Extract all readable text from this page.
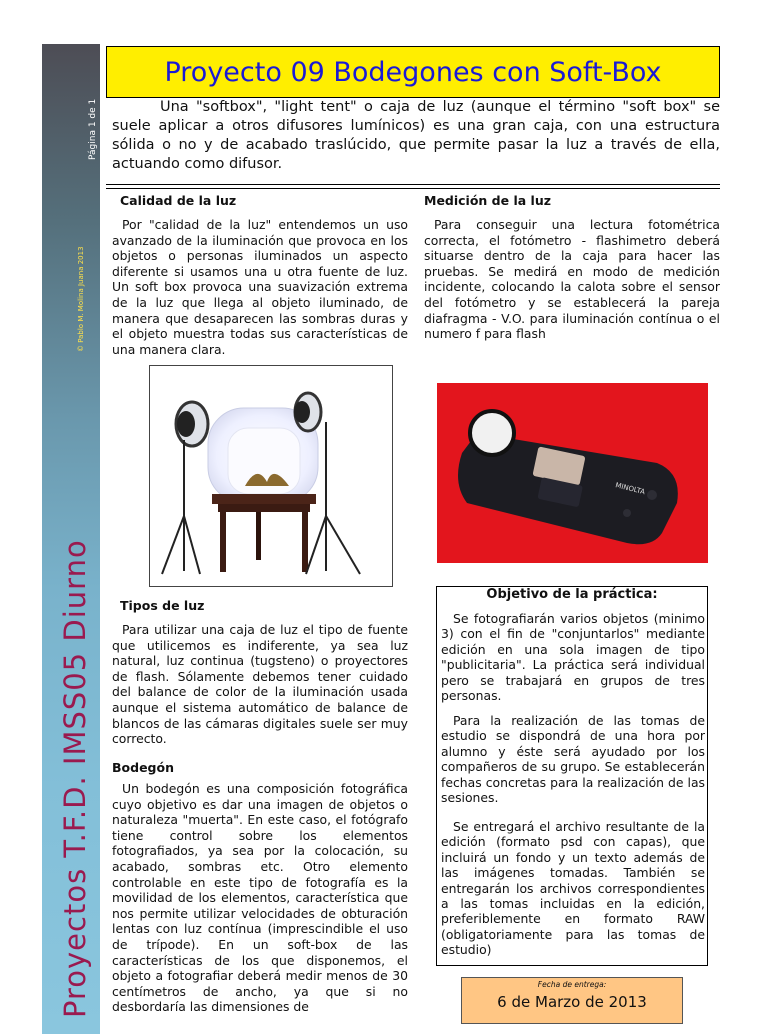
Página 1 de 1
© Pablo M. Molina Juana 2013
Proyectos T.F.D. IMSS05 Diurno
Proyecto 09 Bodegones con Soft-Box

Una "softbox", "light tent" o caja de luz (aunque el término "soft box" se suele aplicar a otros difusores lumínicos) es una gran caja, con una estructura sólida o no y de acabado traslúcido, que permite pasar la luz a través de ella, actuando como difusor.

Calidad de la luz

Por "calidad de la luz" entendemos un uso avanzado de la iluminación que provoca en los objetos o personas iluminados un aspecto diferente si usamos una u otra fuente de luz. Un soft box provoca una suavización extrema de la luz que llega al objeto iluminado, de manera que desaparecen las sombras duras y el objeto muestra todas sus características de una manera clara.

Medición de la luz

Para conseguir una lectura fotométrica correcta, el fotómetro - flashimetro deberá situarse dentro de la caja para hacer las pruebas. Se medirá en modo de medición incidente, colocando la calota sobre el sensor del fotómetro y se establecerá la pareja diafragma - V.O. para iluminación contínua o el numero f para flash

MINOLTA
Tipos de luz

Para utilizar una caja de luz el tipo de fuente que utilicemos es indiferente, ya sea luz natural, luz continua (tugsteno) o proyectores de flash. Sólamente debemos tener cuidado del balance de color de la iluminación usada aunque el sistema automático de balance de blancos de las cámaras digitales suele ser muy correcto.

Bodegón

Un bodegón es una composición fotográfica cuyo objetivo es dar una imagen de objetos o naturaleza "muerta". En este caso, el fotógrafo tiene control sobre los elementos fotografiados, ya sea por la colocación, su acabado, sombras etc. Otro elemento controlable en este tipo de fotografía es la movilidad de los elementos, característica que nos permite utilizar velocidades de obturación lentas con luz contínua (imprescindible el uso de trípode). En un soft-box de las características de los que disponemos, el objeto a fotografiar deberá medir menos de 30 centímetros de ancho, ya que si no desbordaría las dimensiones de

Objetivo de la práctica:

Se fotografiarán varios objetos (minimo 3) con el fin de "conjuntarlos" mediante edición en una sola imagen de tipo "publicitaria". La práctica será individual pero se trabajará en grupos de tres personas.

Para la realización de las tomas de estudio se dispondrá de una hora por alumno y éste será ayudado por los compañeros de su grupo. Se establecerán fechas concretas para la realización de las sesiones.

Se entregará el archivo resultante de la edición (formato psd con capas), que incluirá un fondo y un texto además de las imágenes tomadas. También se entregarán los archivos correspondientes a las tomas incluidas en la edición, preferiblemente en formato RAW (obligatoriamente para las tomas de estudio)

Fecha de entrega:
6 de Marzo de 2013
